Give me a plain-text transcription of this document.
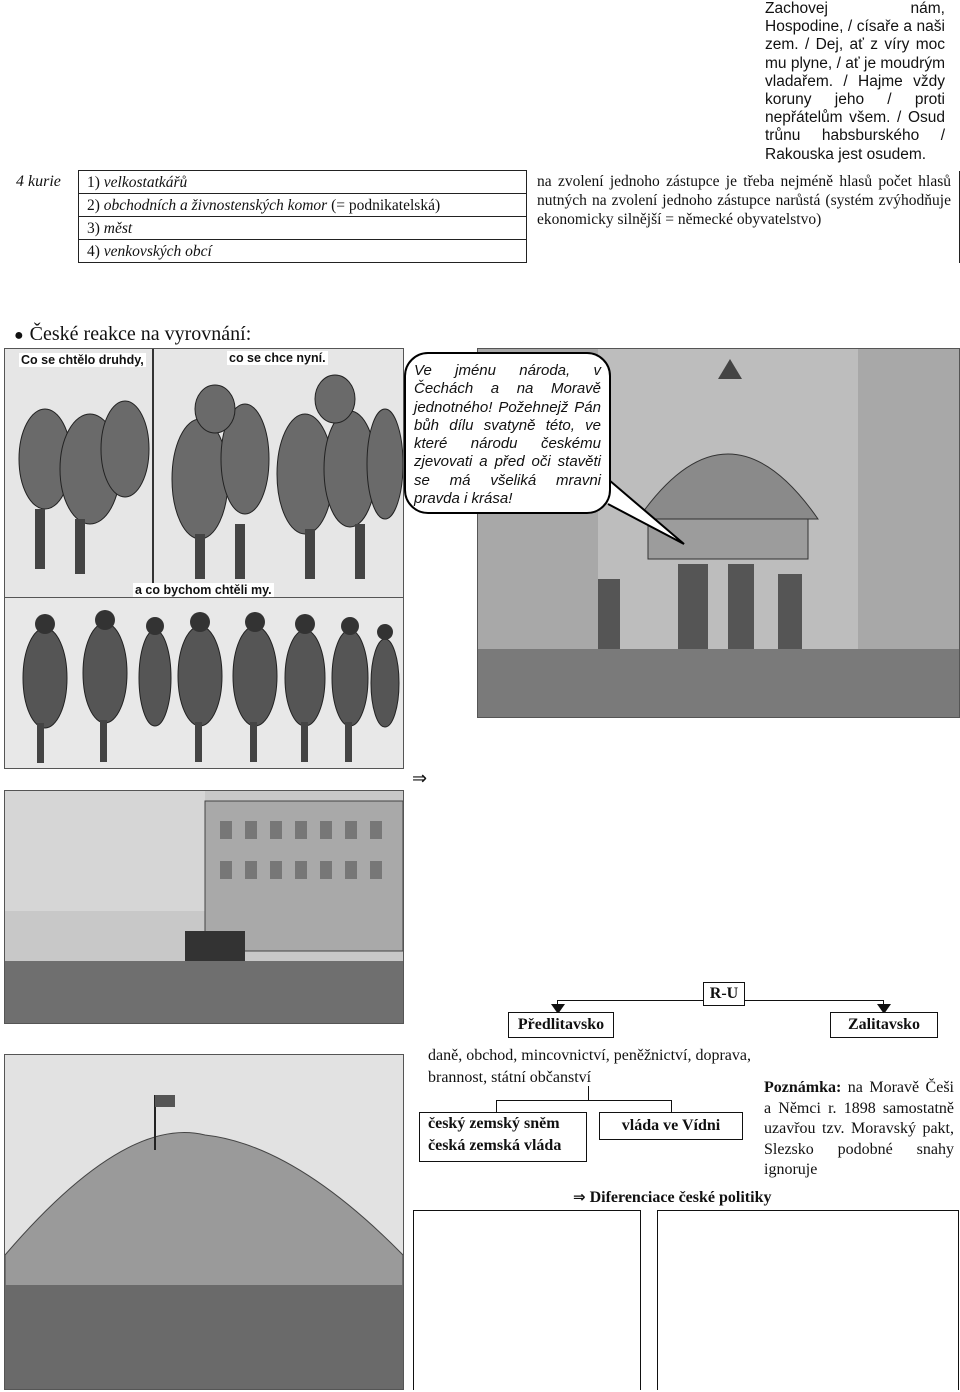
Zachovej nám, Hospodine, / císaře a naši zem. / Dej, ať z víry moc mu plyne, / ať je moudrým vladařem. / Hajme vždy koruny jeho / proti nepřátelům všem. / Osud trůnu habsburského / Rakouska jest osudem.
4 kurie 1) velkostatkářů	
2) obchodních a živnostenských komor (= podnikatelská)
3) měst
4) venkovských obcí
na zvolení jednoho zástupce je třeba nejméně hlasů počet hlasů nutných na zvolení jednoho zástupce narůstá (systém zvýhodňuje ekonomicky silnější = německé obyvatelstvo)
● České reakce na vyrovnání:
Co se chtělo druhdy,	co se chce nyní.
a co bychom chtěli my.
Ve jménu národa, v Čechách a na Moravě jednotného! Požehnejž Pán bůh dílu svatyně této, ve které národu českému zjevovati a před oči stavěti se má všeliká mravni pravda i krása!
⇒
R-U
Předlitavsko	Zalitavsko
daně, obchod, mincovnictví, peněžnictví, doprava, brannost, státní občanství
český zemský sněm
česká zemská vláda
vláda ve Vídni
Poznámka: na Moravě Češi a Němci r. 1898 samostatně uzavřou tzv. Moravský pakt, Slezsko podobné snahy ignoruje
⇒ Diferenciace české politiky
